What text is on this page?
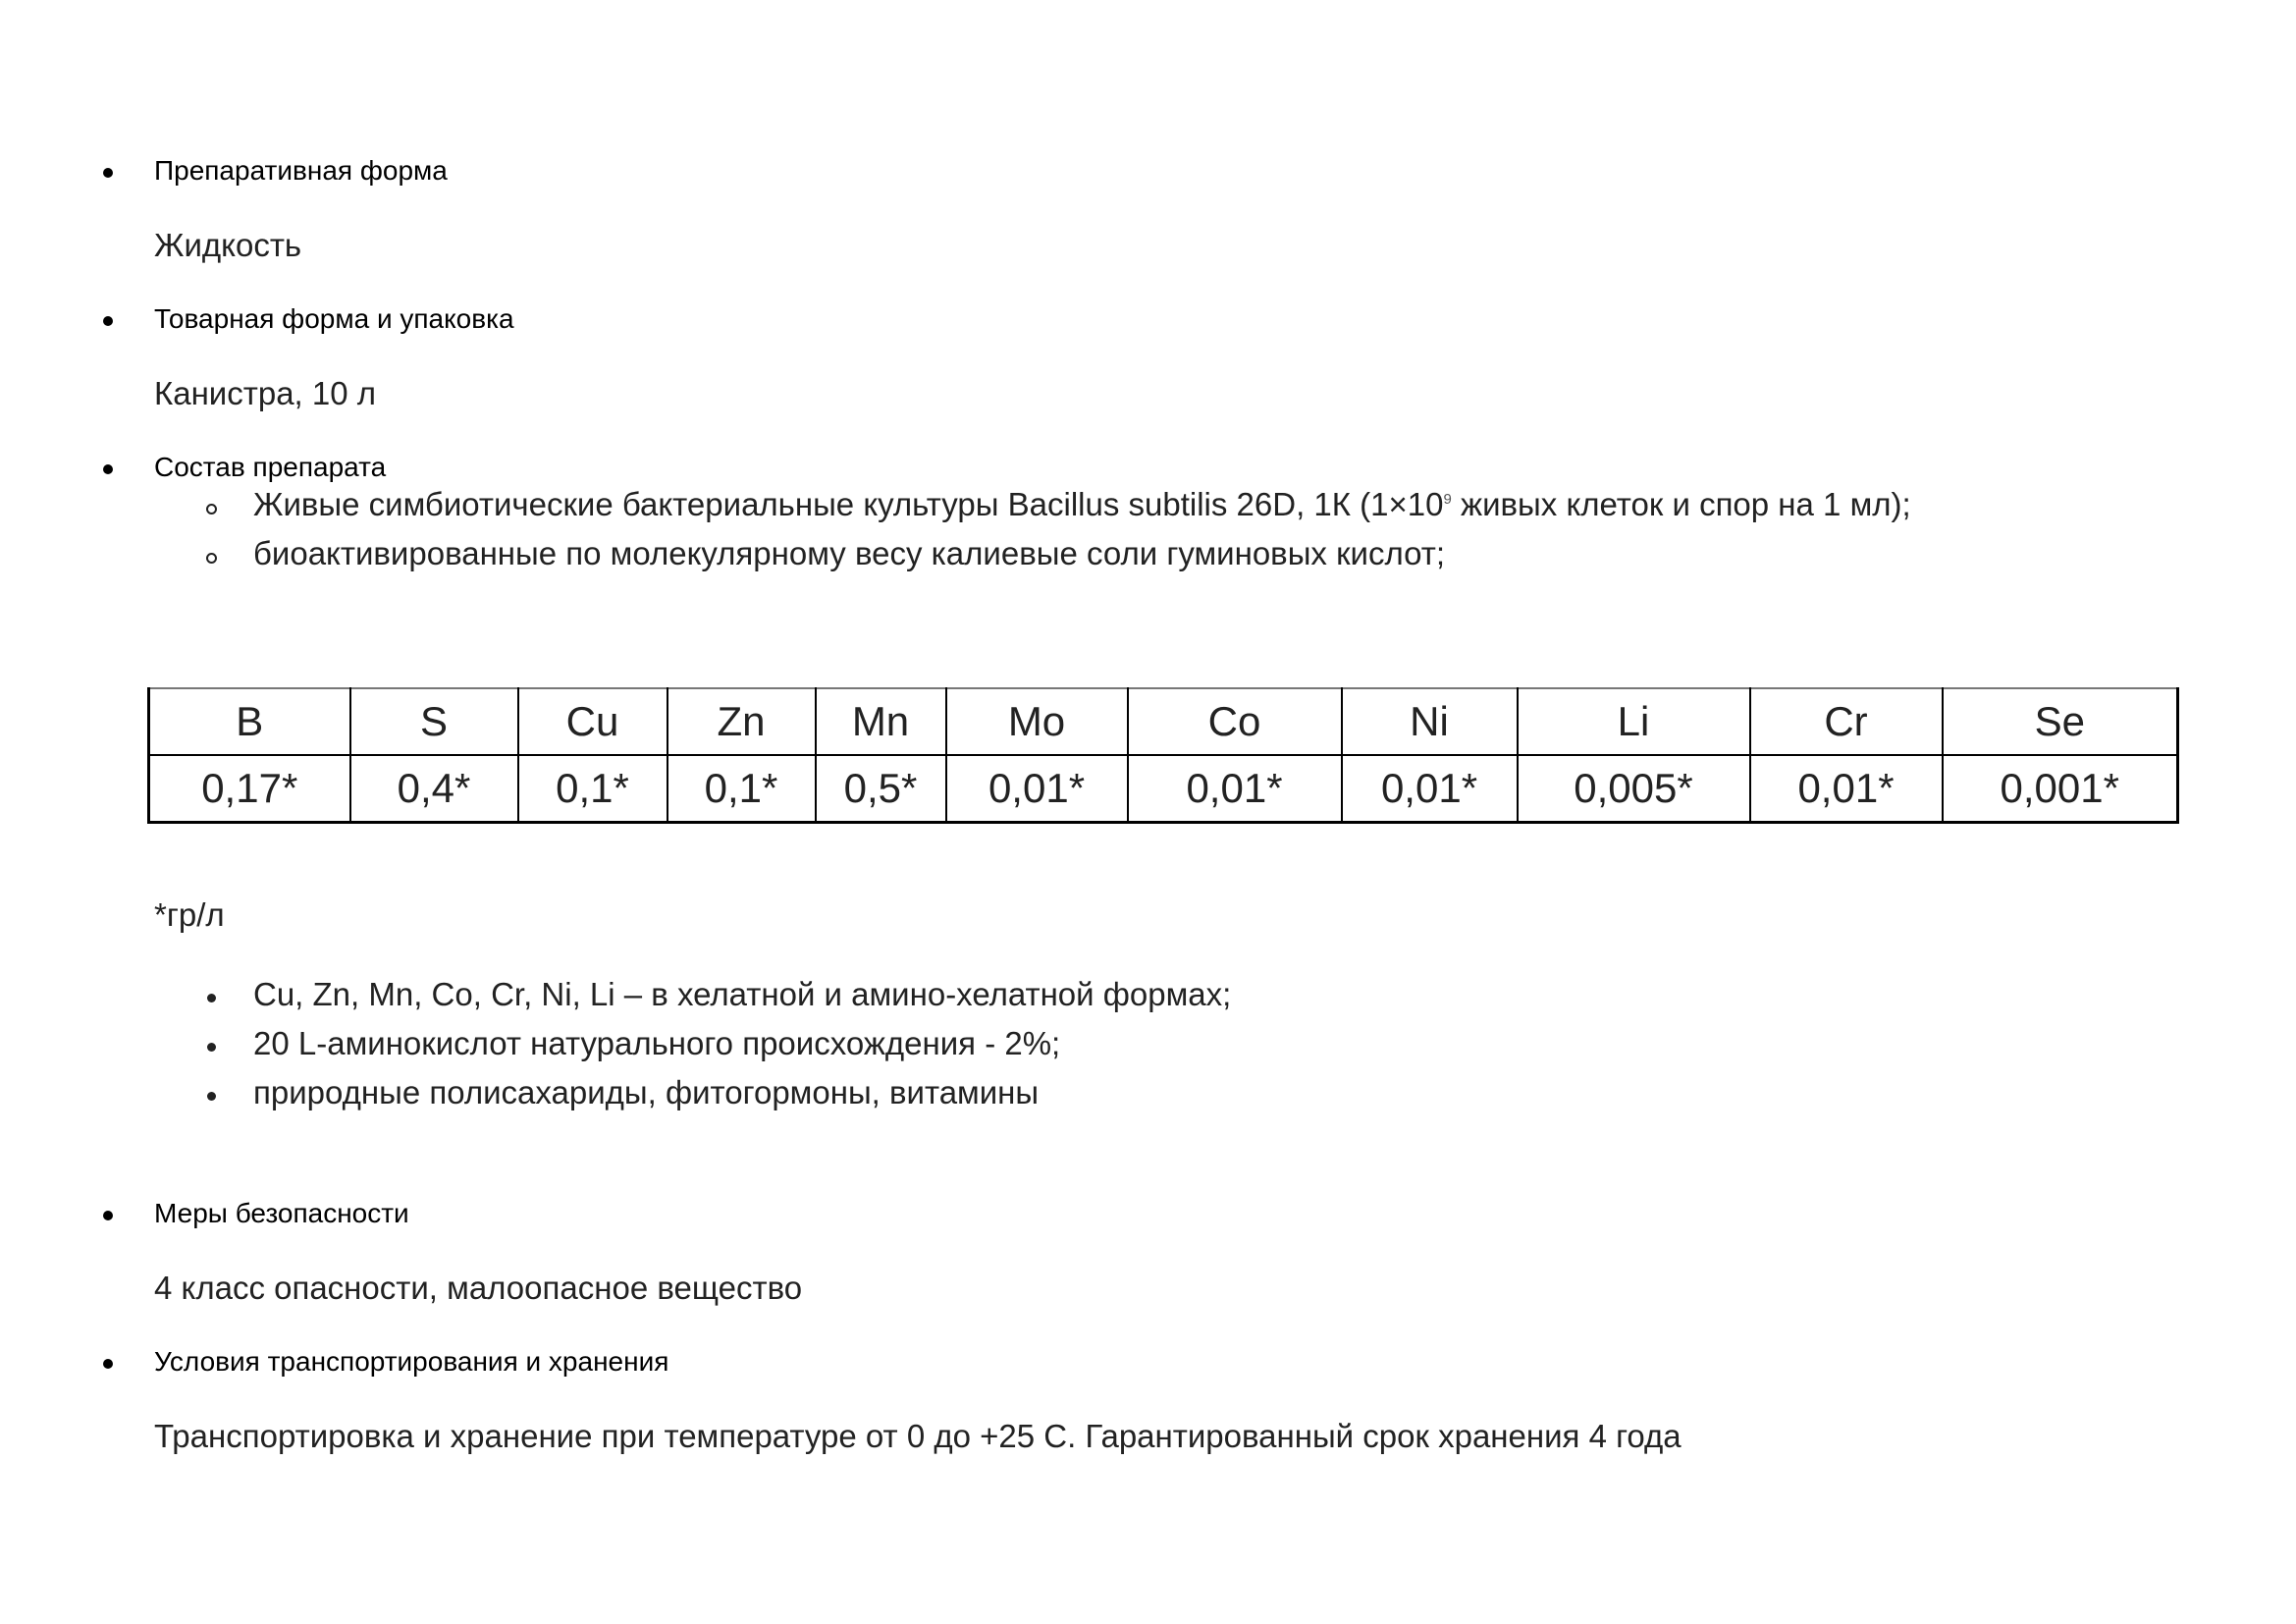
Препаративная форма
Жидкость
Товарная форма и упаковка
Канистра, 10 л
Состав препарата
Живые симбиотические бактериальные культуры Bacillus subtilis 26D, 1К ($1\times 10^9$ живых клеток и спор на 1 мл);
биоактивированные по молекулярному весу калиевые соли гуминовых кислот;
B	S	Cu	Zn	Mn	Mo	Co	Ni	Li	Cr	Se
0,17*	0,4*	0,1*	0,1*	0,5*	0,01*	0,01*	0,01*	0,005*	0,01*	0,001*
*гр/л
Cu, Zn, Mn, Co, Cr, Ni, Li – в хелатной и амино-хелатной формах;
20 L-аминокислот натурального происхождения - 2%;
природные полисахариды, фитогормоны, витамины
Меры безопасности
4 класс опасности, малоопасное вещество
Условия транспортирования и хранения
Транспортировка и хранение при температуре от 0 до +25 С. Гарантированный срок хранения 4 года
